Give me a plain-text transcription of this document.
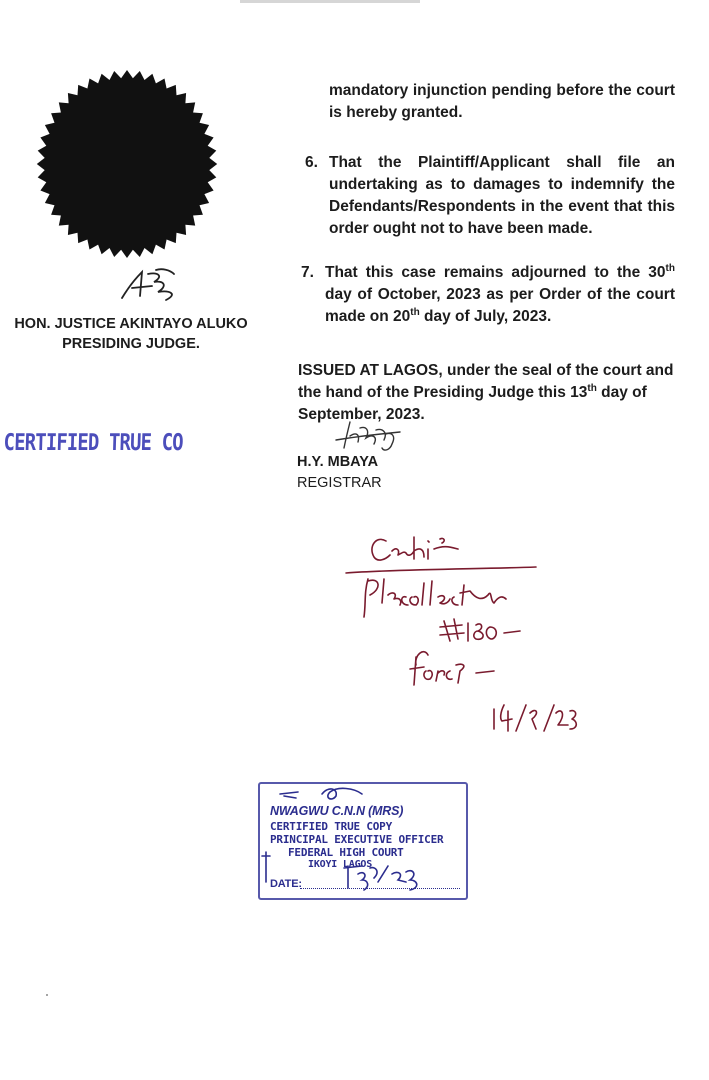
HON. JUSTICE AKINTAYO ALUKO
PRESIDING JUDGE.
CERTIFIED TRUE CO

mandatory injunction pending before the court is hereby granted.

6. That the Plaintiff/Applicant shall file an undertaking as to damages to indemnify the Defendants/Respondents in the event that this order ought not to have been made.

7. That this case remains adjourned to the 30th day of October, 2023 as per Order of the court made on 20th day of July, 2023.

ISSUED AT LAGOS, under the seal of the court and the hand of the Presiding Judge this 13th day of September, 2023.

H.Y. MBAYA
REGISTRAR
NWAGWU C.N.N (MRS)
CERTIFIED TRUE COPY
PRINCIPAL EXECUTIVE OFFICER
FEDERAL HIGH COURT
IKOYI LAGOS
DATE:
